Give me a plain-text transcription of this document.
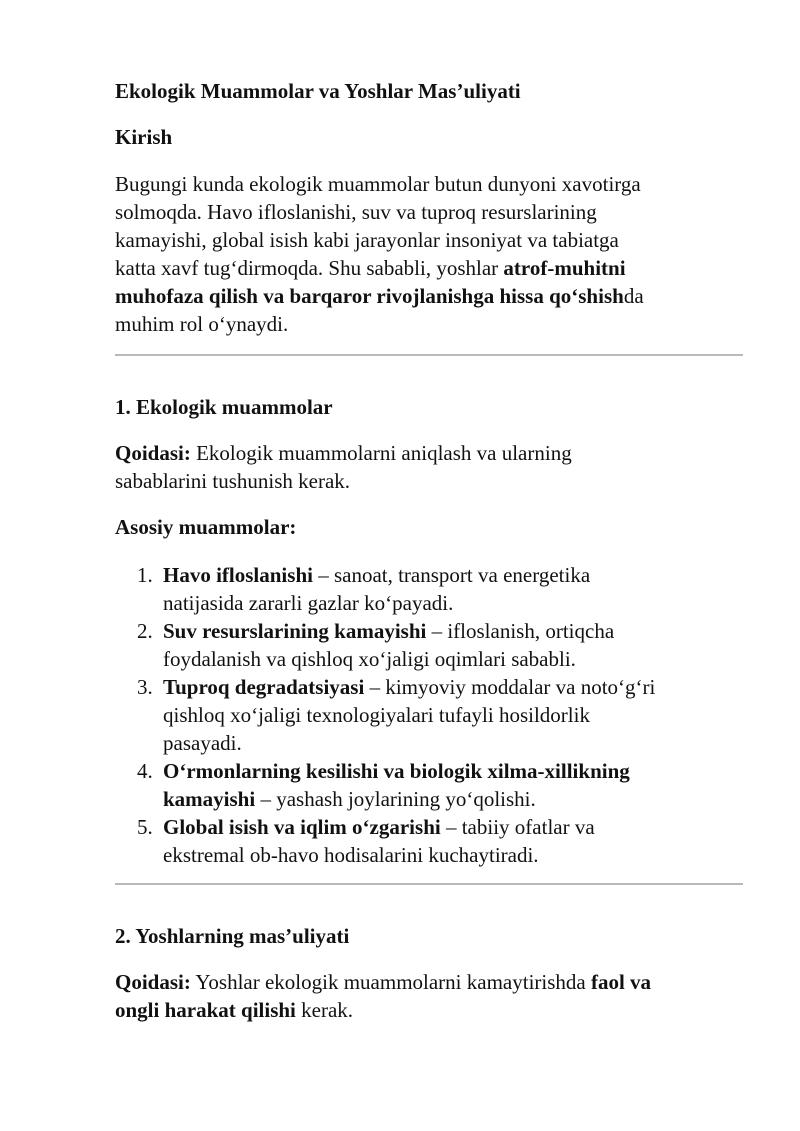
Ekologik Muammolar va Yoshlar Mas’uliyati
Kirish

Bugungi kunda ekologik muammolar butun dunyoni xavotirga
solmoqda. Havo ifloslanishi, suv va tuproq resurslarining
kamayishi, global isish kabi jarayonlar insoniyat va tabiatga
katta xavf tug‘dirmoqda. Shu sababli, yoshlar atrof-muhitni
muhofaza qilish va barqaror rivojlanishga hissa qo‘shishda
muhim rol o‘ynaydi.

1. Ekologik muammolar

Qoidasi: Ekologik muammolarni aniqlash va ularning
sabablarini tushunish kerak.

Asosiy muammolar:
1. Havo ifloslanishi – sanoat, transport va energetika
natijasida zararli gazlar ko‘payadi.
2. Suv resurslarining kamayishi – ifloslanish, ortiqcha
foydalanish va qishloq xo‘jaligi oqimlari sababli.
3. Tuproq degradatsiyasi – kimyoviy moddalar va noto‘g‘ri
qishloq xo‘jaligi texnologiyalari tufayli hosildorlik
pasayadi.
4. O‘rmonlarning kesilishi va biologik xilma-xillikning
kamayishi – yashash joylarining yo‘qolishi.
5. Global isish va iqlim o‘zgarishi – tabiiy ofatlar va
ekstremal ob-havo hodisalarini kuchaytiradi.
2. Yoshlarning mas’uliyati

Qoidasi: Yoshlar ekologik muammolarni kamaytirishda faol va
ongli harakat qilishi kerak.
